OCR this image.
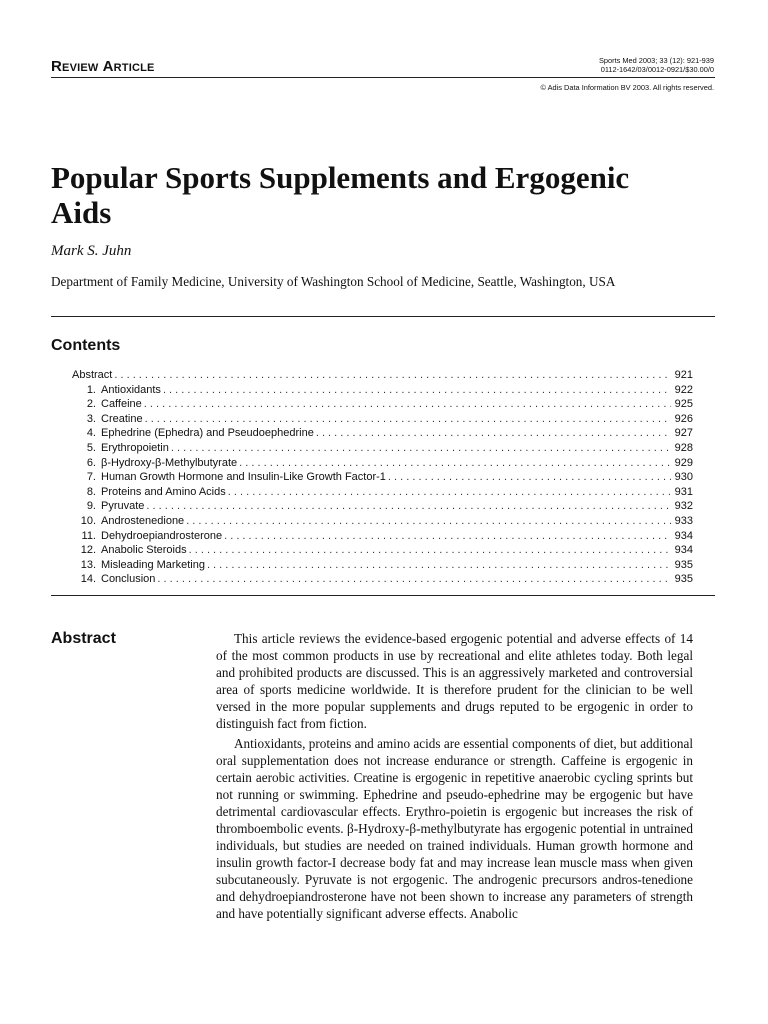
REVIEW ARTICLE
Sports Med 2003; 33 (12): 921-939
0112-1642/03/0012-0921/$30.00/0
© Adis Data Information BV 2003. All rights reserved.
Popular Sports Supplements and Ergogenic Aids
Mark S. Juhn
Department of Family Medicine, University of Washington School of Medicine, Seattle, Washington, USA
Contents
Abstract . . .	921
1. Antioxidants . . .	922
2. Caffeine . . .	925
3. Creatine . . .	926
4. Ephedrine (Ephedra) and Pseudoephedrine . . .	927
5. Erythropoietin . . .	928
6. β-Hydroxy-β-Methylbutyrate . . .	929
7. Human Growth Hormone and Insulin-Like Growth Factor-1 . . .	930
8. Proteins and Amino Acids . . .	931
9. Pyruvate . . .	932
10. Androstenedione . . .	933
11. Dehydroepiandrosterone . . .	934
12. Anabolic Steroids . . .	934
13. Misleading Marketing . . .	935
14. Conclusion . . .	935
Abstract	This article reviews the evidence-based ergogenic potential and adverse effects of 14 of the most common products in use by recreational and elite athletes today. Both legal and prohibited products are discussed. This is an aggressively marketed and controversial area of sports medicine worldwide. It is therefore prudent for the clinician to be well versed in the more popular supplements and drugs reputed to be ergogenic in order to distinguish fact from fiction.

Antioxidants, proteins and amino acids are essential components of diet, but additional oral supplementation does not increase endurance or strength. Caffeine is ergogenic in certain aerobic activities. Creatine is ergogenic in repetitive anaerobic cycling sprints but not running or swimming. Ephedrine and pseudo-ephedrine may be ergogenic but have detrimental cardiovascular effects. Erythro-poietin is ergogenic but increases the risk of thromboembolic events. β-Hydroxy-β-methylbutyrate has ergogenic potential in untrained individuals, but studies are needed on trained individuals. Human growth hormone and insulin growth factor-I decrease body fat and may increase lean muscle mass when given subcutaneously. Pyruvate is not ergogenic. The androgenic precursors andros-tenedione and dehydroepiandrosterone have not been shown to increase any parameters of strength and have potentially significant adverse effects. Anabolic
